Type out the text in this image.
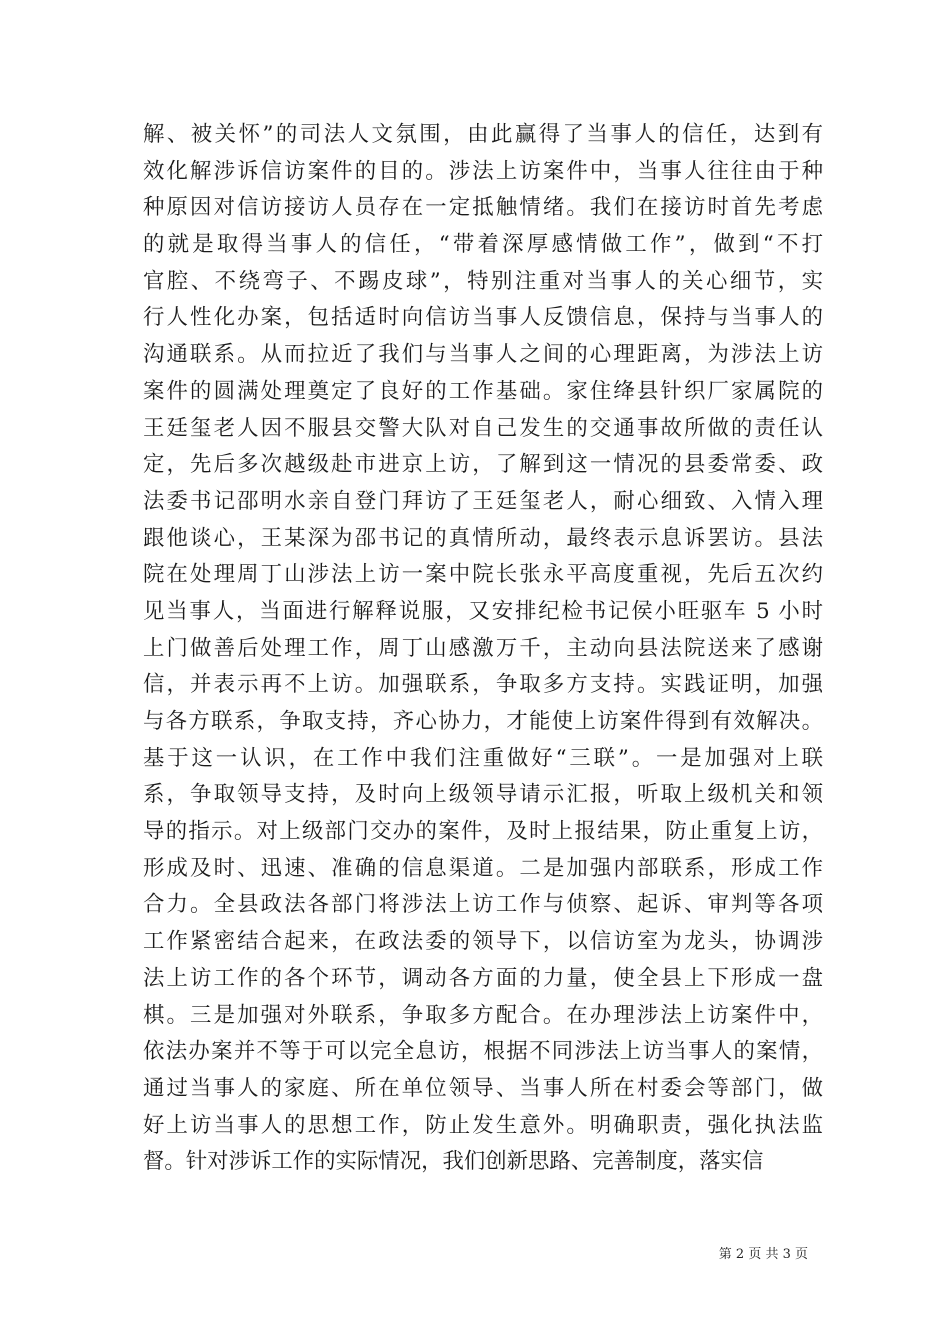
解、被关怀”的司法人文氛围，由此赢得了当事人的信任，达到有
效化解涉诉信访案件的目的。涉法上访案件中，当事人往往由于种
种原因对信访接访人员存在一定抵触情绪。我们在接访时首先考虑
的就是取得当事人的信任，“带着深厚感情做工作”，做到“不打
官腔、不绕弯子、不踢皮球”，特别注重对当事人的关心细节，实
行人性化办案，包括适时向信访当事人反馈信息，保持与当事人的
沟通联系。从而拉近了我们与当事人之间的心理距离，为涉法上访
案件的圆满处理奠定了良好的工作基础。家住绛县针织厂家属院的
王廷玺老人因不服县交警大队对自己发生的交通事故所做的责任认
定，先后多次越级赴市进京上访，了解到这一情况的县委常委、政
法委书记邵明水亲自登门拜访了王廷玺老人，耐心细致、入情入理
跟他谈心，王某深为邵书记的真情所动，最终表示息诉罢访。县法
院在处理周丁山涉法上访一案中院长张永平高度重视，先后五次约
见当事人，当面进行解释说服，又安排纪检书记侯小旺驱车 5 小时
上门做善后处理工作，周丁山感激万千，主动向县法院送来了感谢
信，并表示再不上访。加强联系，争取多方支持。实践证明，加强
与各方联系，争取支持，齐心协力，才能使上访案件得到有效解决。
基于这一认识，在工作中我们注重做好“三联”。一是加强对上联
系，争取领导支持，及时向上级领导请示汇报，听取上级机关和领
导的指示。对上级部门交办的案件，及时上报结果，防止重复上访，
形成及时、迅速、准确的信息渠道。二是加强内部联系，形成工作
合力。全县政法各部门将涉法上访工作与侦察、起诉、审判等各项
工作紧密结合起来，在政法委的领导下，以信访室为龙头，协调涉
法上访工作的各个环节，调动各方面的力量，使全县上下形成一盘
棋。三是加强对外联系，争取多方配合。在办理涉法上访案件中，
依法办案并不等于可以完全息访，根据不同涉法上访当事人的案情，
通过当事人的家庭、所在单位领导、当事人所在村委会等部门，做
好上访当事人的思想工作，防止发生意外。明确职责，强化执法监
督。针对涉诉工作的实际情况，我们创新思路、完善制度，落实信
第 2 页 共 3 页
